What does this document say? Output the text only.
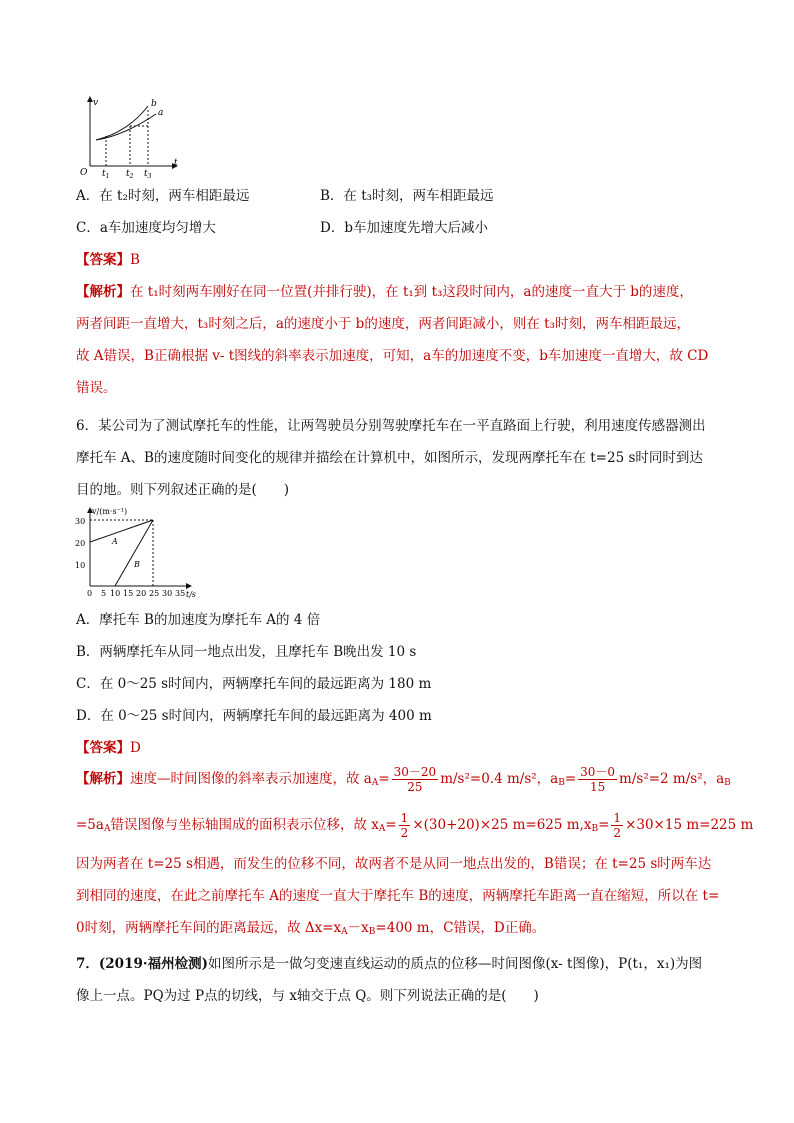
v
t
O
b
a
$t_1$ $t_2$ $t_3$
A．在 t₂时刻，两车相距最远	B．在 t₃时刻，两车相距最远
C．a车加速度均匀增大	D．b车加速度先增大后减小
【答案】B
【解析】在 t₁时刻两车刚好在同一位置(并排行驶)，在 t₁到 t₃这段时间内，a的速度一直大于 b的速度，
两者间距一直增大，t₃时刻之后，a的速度小于 b的速度，两者间距减小，则在 t₃时刻，两车相距最远，
故 A错误，B正确根据 v- t图线的斜率表示加速度，可知，a车的加速度不变，b车加速度一直增大，故 CD
错误。
6．某公司为了测试摩托车的性能，让两驾驶员分别驾驶摩托车在一平直路面上行驶，利用速度传感器测出
摩托车 A、B的速度随时间变化的规律并描绘在计算机中，如图所示，发现两摩托车在 t=25 s时同时到达
目的地。则下列叙述正确的是(　　)
v/(m·s⁻¹)
t/s
30
20
10
0 5 10 15 20 25 30 35
A
B
A．摩托车 B的加速度为摩托车 A的 4 倍
B．两辆摩托车从同一地点出发，且摩托车 B晚出发 10 s
C．在 0～25 s时间内，两辆摩托车间的最远距离为 180 m
D．在 0～25 s时间内，两辆摩托车间的最远距离为 400 m
【答案】D
【解析】速度—时间图像的斜率表示加速度，故 $a_A= \frac{30-20}{25} m/s^2=0.4$ m/s²，$a_B= \frac{30-0}{15} m/s^2=2$ m/s²，$a_B$
$=5a_A$错误图像与坐标轴围成的面积表示位移，故 $x_A= \frac{1}{2} \times(30+20)\times 25$ m=625 $m,x_B= \frac{1}{2} \times 30\times 15$ m=225 m
因为两者在 t=25 s相遇，而发生的位移不同，故两者不是从同一地点出发的，B错误；在 t=25 s时两车达
到相同的速度，在此之前摩托车 A的速度一直大于摩托车 B的速度，两辆摩托车距离一直在缩短，所以在 t=
0时刻，两辆摩托车间的距离最远，故 $\Delta x=x_A-x_B=400$ m，C错误，D正确。
7．(2019·福州检测)如图所示是一做匀变速直线运动的质点的位移—时间图像(x- t图像)，P(t₁，x₁)为图
像上一点。PQ为过 P点的切线，与 x轴交于点 Q。则下列说法正确的是(　　)
